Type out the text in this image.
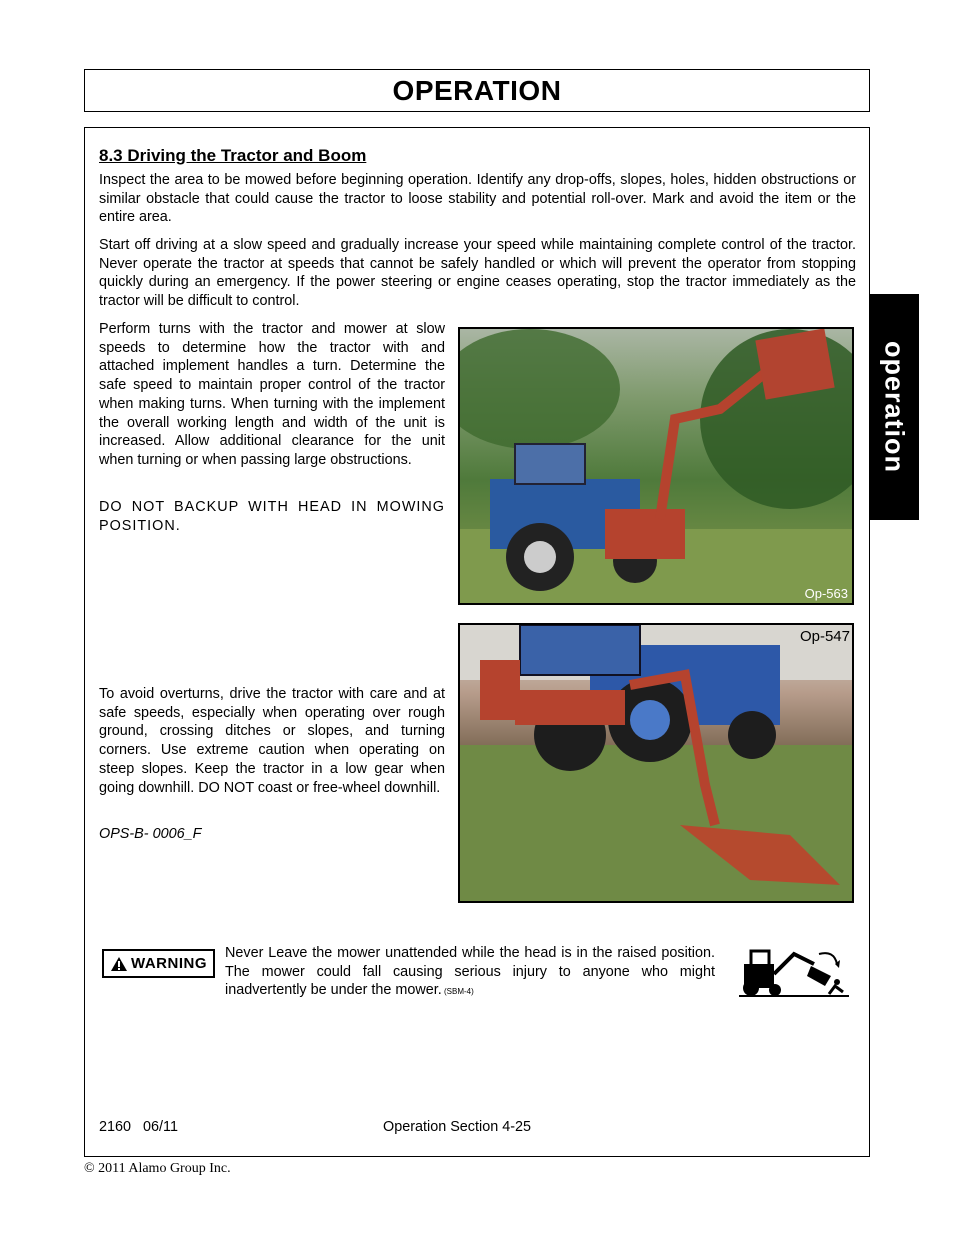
OPERATION
operation
8.3 Driving the Tractor and Boom

Inspect the area to be mowed before beginning operation. Identify any drop-offs, slopes, holes, hidden obstructions or similar obstacle that could cause the tractor to loose stability and potential roll-over. Mark and avoid the item or the entire area.

Start off driving at a slow speed and gradually increase your speed while maintaining complete control of the tractor. Never operate the tractor at speeds that cannot be safely handled or which will prevent the operator from stopping quickly during an emergency. If the power steering or engine ceases operating, stop the tractor immediately as the tractor will be difficult to control.

Perform turns with the tractor and mower at slow speeds to determine how the tractor with and attached implement handles a turn. Determine the safe speed to maintain proper control of the tractor when making turns. When turning with the implement the overall working length and width of the unit is increased. Allow additional clearance for the unit when turning or when passing large obstructions.

DO NOT BACKUP WITH HEAD IN MOWING POSITION.

To avoid overturns, drive the tractor with care and at safe speeds, especially when operating over rough ground, crossing ditches or slopes, and turning corners. Use extreme caution when operating on steep slopes. Keep the tractor in a low gear when going downhill. DO NOT coast or free-wheel downhill.

OPS-B- 0006_F
Op-563
Op-547
WARNING

Never Leave the mower unattended while the head is in the raised position. The mower could fall causing serious injury to anyone who might inadvertently be under the mower. (SBM-4)

2160   06/11	Operation Section 4-25
© 2011 Alamo Group Inc.
